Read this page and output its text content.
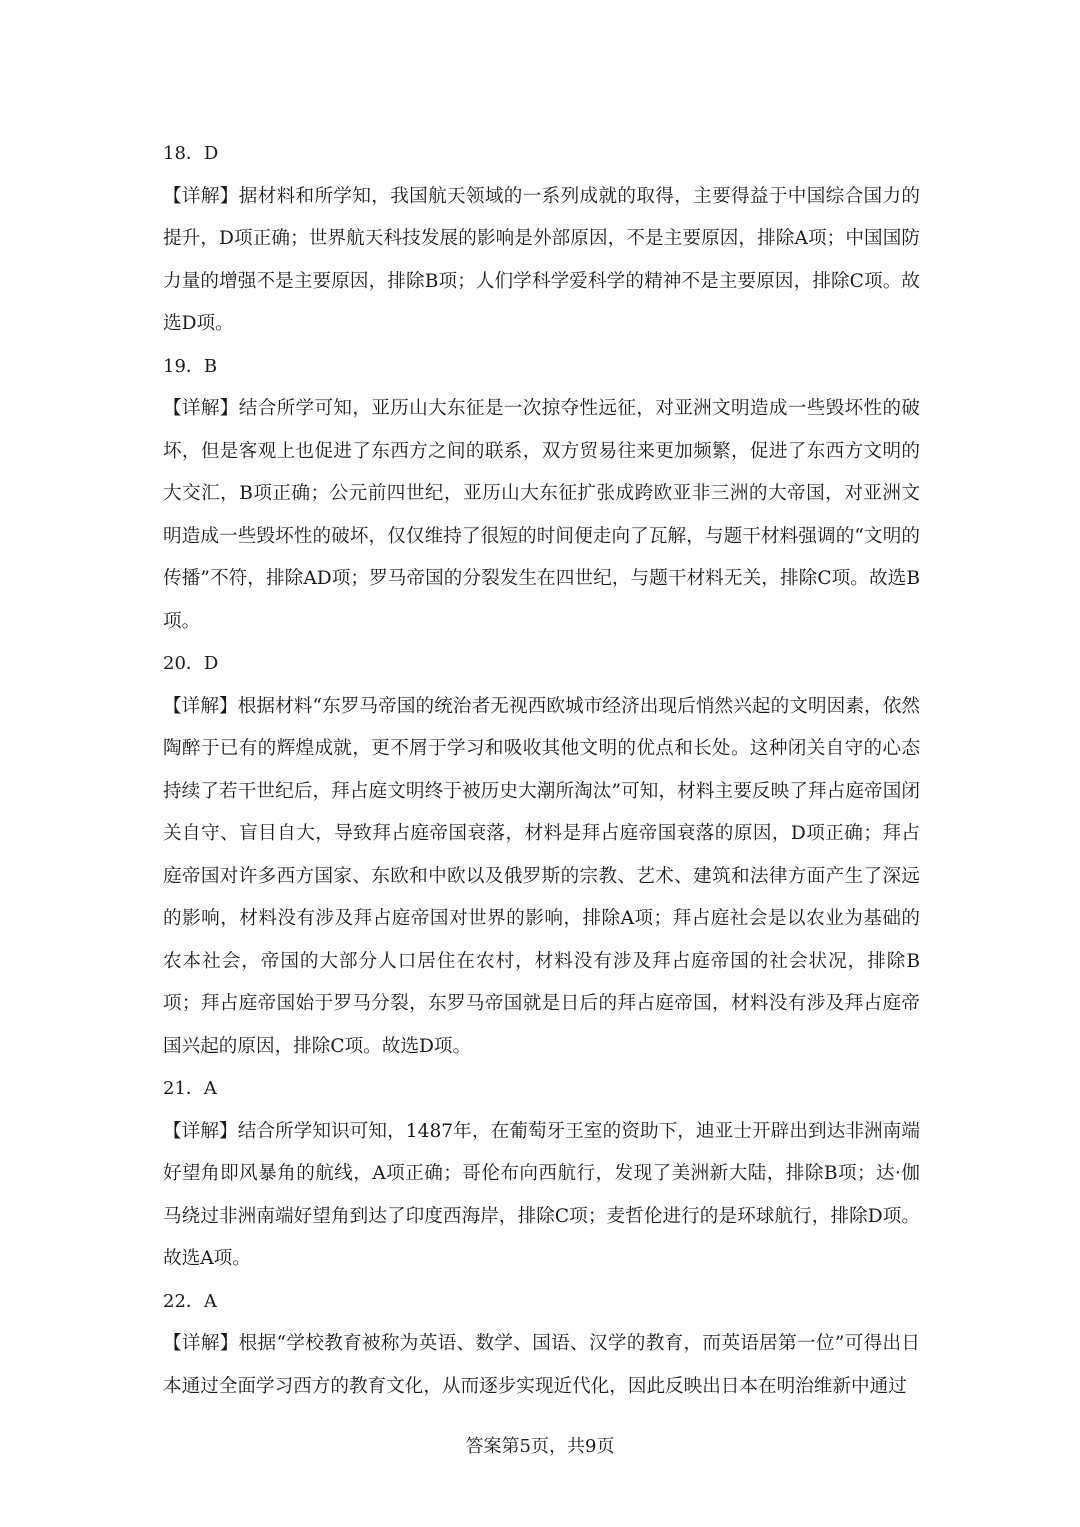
18．D

【详解】据材料和所学知，我国航天领域的一系列成就的取得，主要得益于中国综合国力的提升，D项正确；世界航天科技发展的影响是外部原因，不是主要原因，排除A项；中国国防力量的增强不是主要原因，排除B项；人们学科学爱科学的精神不是主要原因，排除C项。故选D项。

19．B

【详解】结合所学可知，亚历山大东征是一次掠夺性远征，对亚洲文明造成一些毁坏性的破坏，但是客观上也促进了东西方之间的联系，双方贸易往来更加频繁，促进了东西方文明的大交汇，B项正确；公元前四世纪，亚历山大东征扩张成跨欧亚非三洲的大帝国，对亚洲文明造成一些毁坏性的破坏，仅仅维持了很短的时间便走向了瓦解，与题干材料强调的“文明的传播”不符，排除AD项；罗马帝国的分裂发生在四世纪，与题干材料无关，排除C项。故选B项。

20．D

【详解】根据材料“东罗马帝国的统治者无视西欧城市经济出现后悄然兴起的文明因素，依然陶醉于已有的辉煌成就，更不屑于学习和吸收其他文明的优点和长处。这种闭关自守的心态持续了若干世纪后，拜占庭文明终于被历史大潮所淘汰”可知，材料主要反映了拜占庭帝国闭关自守、盲目自大，导致拜占庭帝国衰落，材料是拜占庭帝国衰落的原因，D项正确；拜占庭帝国对许多西方国家、东欧和中欧以及俄罗斯的宗教、艺术、建筑和法律方面产生了深远的影响，材料没有涉及拜占庭帝国对世界的影响，排除A项；拜占庭社会是以农业为基础的农本社会，帝国的大部分人口居住在农村，材料没有涉及拜占庭帝国的社会状况，排除B项；拜占庭帝国始于罗马分裂，东罗马帝国就是日后的拜占庭帝国，材料没有涉及拜占庭帝国兴起的原因，排除C项。故选D项。

21．A

【详解】结合所学知识可知，1487年，在葡萄牙王室的资助下，迪亚士开辟出到达非洲南端好望角即风暴角的航线，A项正确；哥伦布向西航行，发现了美洲新大陆，排除B项；达·伽马绕过非洲南端好望角到达了印度西海岸，排除C项；麦哲伦进行的是环球航行，排除D项。故选A项。

22．A

【详解】根据“学校教育被称为英语、数学、国语、汉学的教育，而英语居第一位”可得出日本通过全面学习西方的教育文化，从而逐步实现近代化，因此反映出日本在明治维新中通过

答案第5页，共9页
